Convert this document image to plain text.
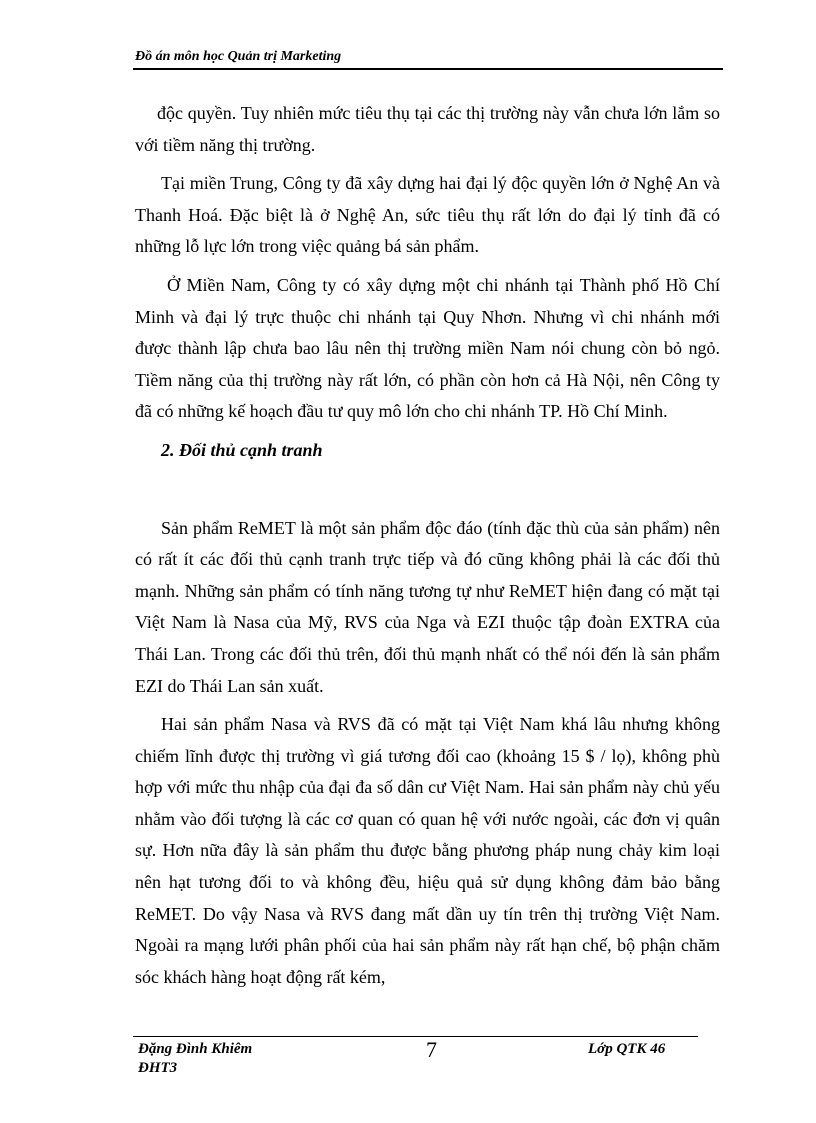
Đồ án môn học Quản trị Marketing

độc quyền. Tuy nhiên mức tiêu thụ tại các thị trường này vẫn chưa lớn lắm so với tiềm năng thị trường.

Tại miền Trung, Công ty đã xây dựng hai đại lý độc quyền lớn ở Nghệ An và Thanh Hoá. Đặc biệt là ở Nghệ An, sức tiêu thụ rất lớn do đại lý tỉnh đã có những lỗ lực lớn trong việc quảng bá sản phẩm.

Ở Miền Nam, Công ty có xây dựng một chi nhánh tại Thành phố Hồ Chí Minh và đại lý trực thuộc chi nhánh tại Quy Nhơn. Nhưng vì chi nhánh mới được thành lập chưa bao lâu nên thị trường miền Nam nói chung còn bỏ ngỏ. Tiềm năng của thị trường này rất lớn, có phần còn hơn cả Hà Nội, nên Công ty đã có những kế hoạch đầu tư quy mô lớn cho chi nhánh TP. Hồ Chí Minh.

2. Đối thủ cạnh tranh

Sản phẩm ReMET là một sản phẩm độc đáo (tính đặc thù của sản phẩm) nên có rất ít các đối thủ cạnh tranh trực tiếp và đó cũng không phải là các đối thủ mạnh. Những sản phẩm có tính năng tương tự như ReMET hiện đang có mặt tại Việt Nam là Nasa của Mỹ, RVS của Nga và EZI thuộc tập đoàn EXTRA của Thái Lan. Trong các đối thủ trên, đối thủ mạnh nhất có thể nói đến là sản phẩm EZI do Thái Lan sản xuất.

Hai sản phẩm Nasa và RVS đã có mặt tại Việt Nam khá lâu nhưng không chiếm lĩnh được thị trường vì giá tương đối cao (khoảng 15 $ / lọ), không phù hợp với mức thu nhập của đại đa số dân cư Việt Nam. Hai sản phẩm này chủ yếu nhằm vào đối tượng là các cơ quan có quan hệ với nước ngoài, các đơn vị quân sự. Hơn nữa đây là sản phẩm thu được bằng phương pháp nung chảy kim loại nên hạt tương đối to và không đều, hiệu quả sử dụng không đảm bảo bằng ReMET. Do vậy Nasa và RVS đang mất dần uy tín trên thị trường Việt Nam. Ngoài ra mạng lưới phân phối của hai sản phẩm này rất hạn chế, bộ phận chăm sóc khách hàng hoạt động rất kém,

Đặng Đình Khiêm	7	Lớp QTK 46
ĐHT3
